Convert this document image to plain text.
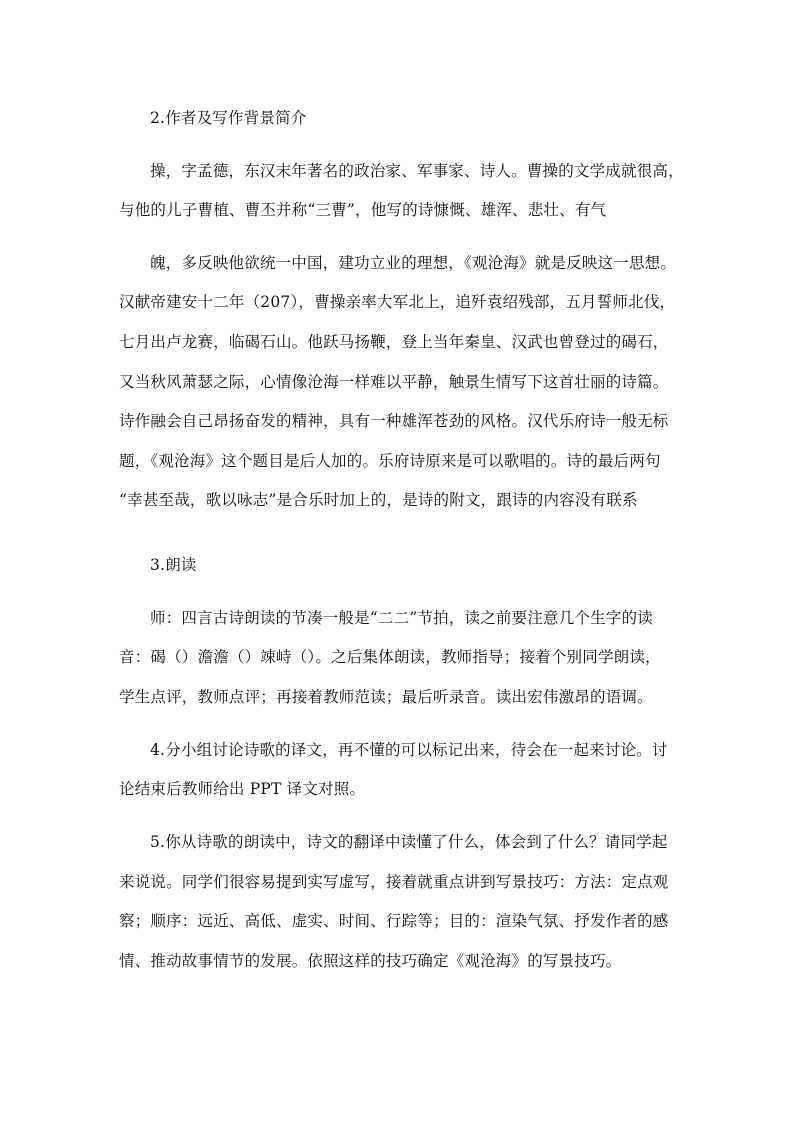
2.作者及写作背景简介
操，字孟德，东汉末年著名的政治家、军事家、诗人。曹操的文学成就很高，
与他的儿子曹植、曹丕并称“三曹”，他写的诗慷慨、雄浑、悲壮、有气
魄，多反映他欲统一中国，建功立业的理想，《观沧海》就是反映这一思想。
汉献帝建安十二年（207），曹操亲率大军北上，追歼袁绍残部，五月誓师北伐，
七月出卢龙赛，临碣石山。他跃马扬鞭，登上当年秦皇、汉武也曾登过的碣石，
又当秋风萧瑟之际，心情像沧海一样难以平静，触景生情写下这首壮丽的诗篇。
诗作融会自己昂扬奋发的精神，具有一种雄浑苍劲的风格。汉代乐府诗一般无标
题，《观沧海》这个题目是后人加的。乐府诗原来是可以歌唱的。诗的最后两句
“幸甚至哉，歌以咏志”是合乐时加上的，是诗的附文，跟诗的内容没有联系
3.朗读
师：四言古诗朗读的节凑一般是“二二”节拍，读之前要注意几个生字的读
音：碣（）澹澹（）竦峙（）。之后集体朗读，教师指导；接着个别同学朗读，
学生点评，教师点评；再接着教师范读；最后听录音。读出宏伟激昂的语调。
4.分小组讨论诗歌的译文，再不懂的可以标记出来，待会在一起来讨论。讨
论结束后教师给出 PPT 译文对照。
5.你从诗歌的朗读中，诗文的翻译中读懂了什么，体会到了什么？请同学起
来说说。同学们很容易提到实写虚写，接着就重点讲到写景技巧：方法：定点观
察；顺序：远近、高低、虚实、时间、行踪等；目的：渲染气氛、抒发作者的感
情、推动故事情节的发展。依照这样的技巧确定《观沧海》的写景技巧。
